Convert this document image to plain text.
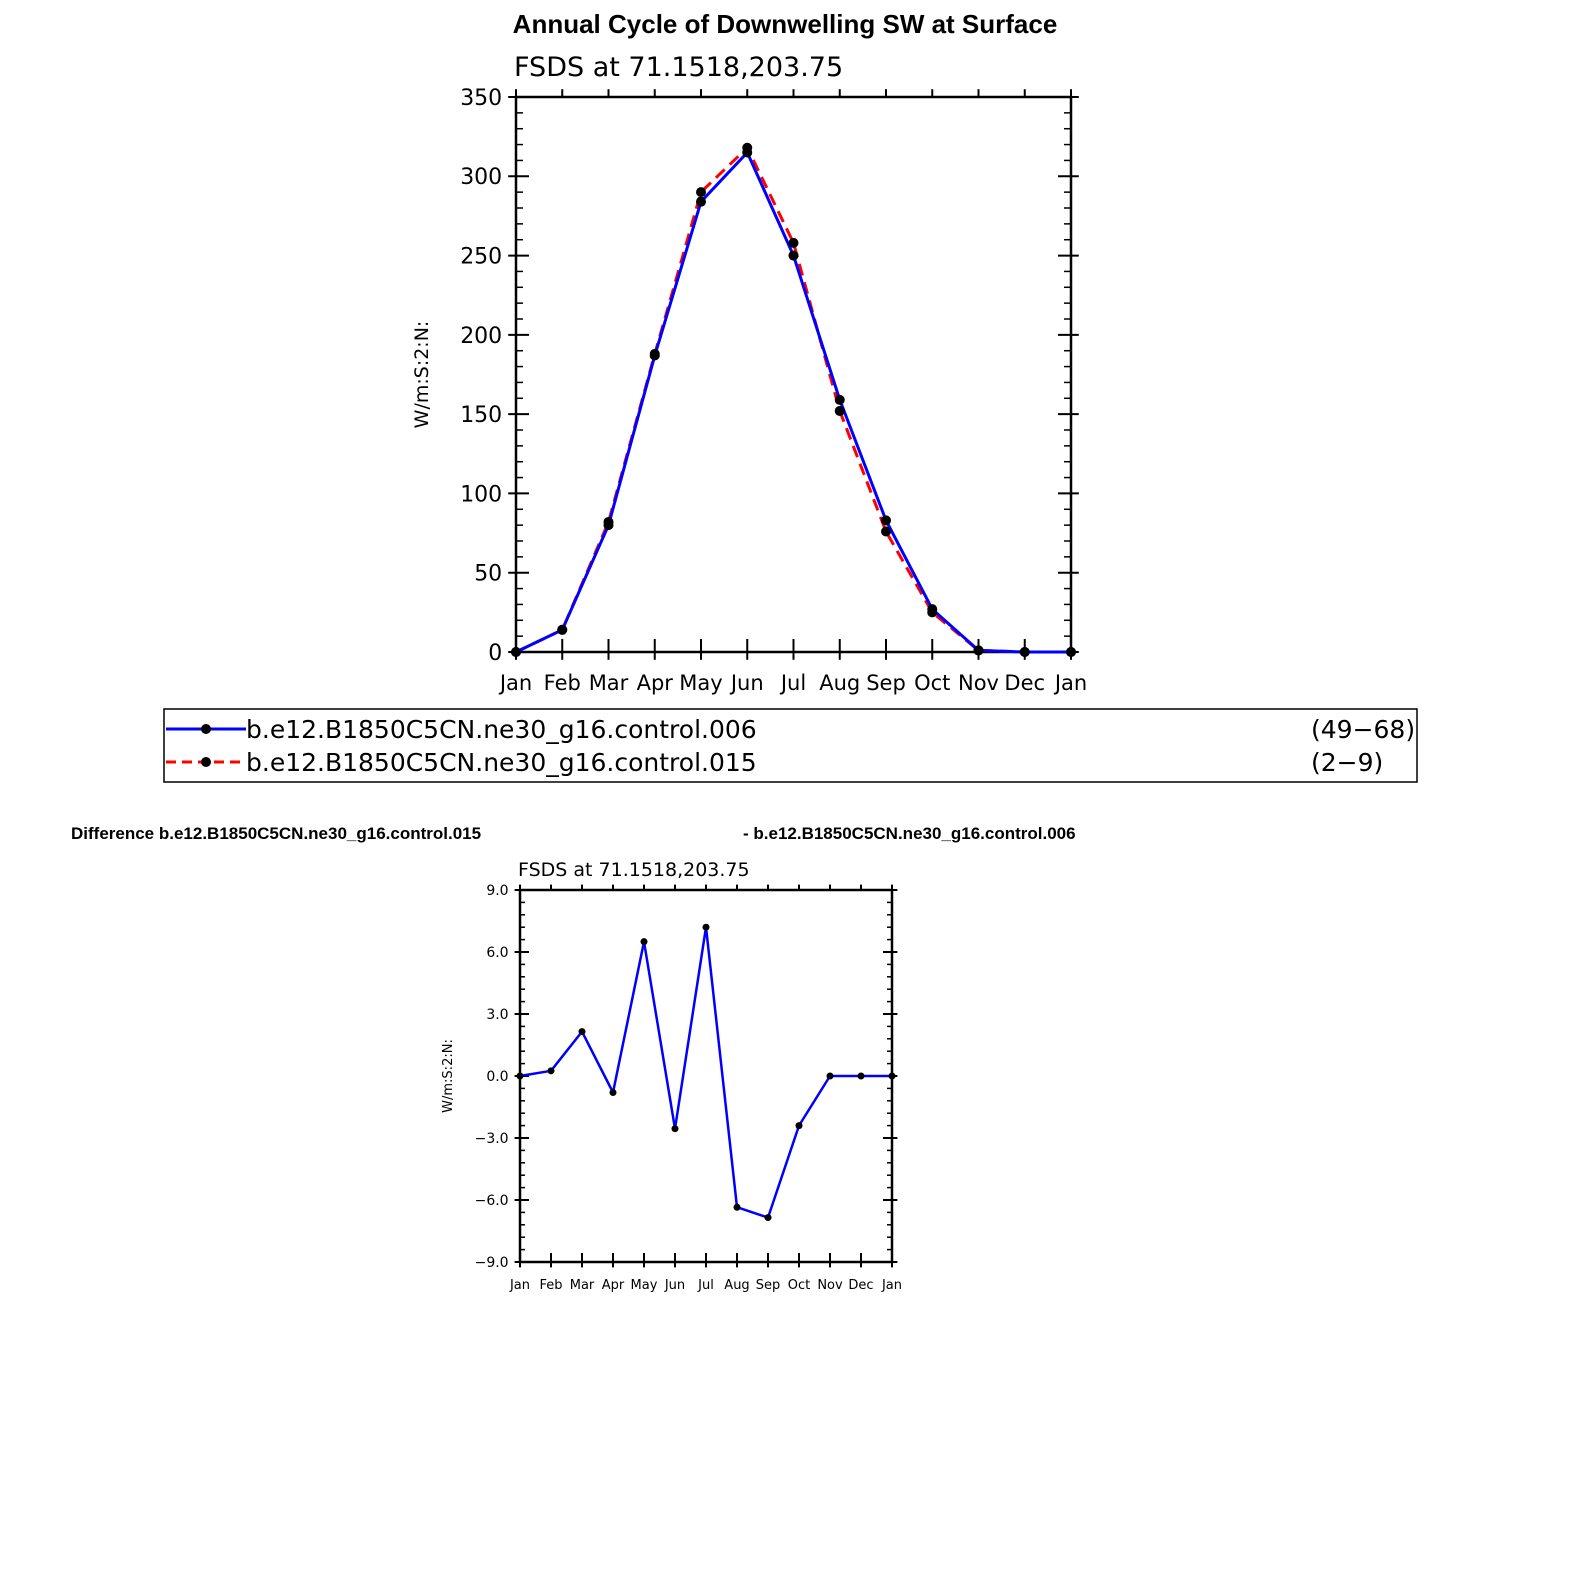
Annual Cycle of Downwelling SW at Surface
Jan Feb Mar Apr May Jun Jul Aug Sep Oct Nov Dec Jan
0
50
100
150
200
250
300
350
FSDS at 71.1518,203.75
W/m:S:2:N:
b.e12.B1850C5CN.ne30_g16.control.006	(49−68)
b.e12.B1850C5CN.ne30_g16.control.015	(2−9)
Difference b.e12.B1850C5CN.ne30_g16.control.015	- b.e12.B1850C5CN.ne30_g16.control.006
Jan Feb Mar Apr May Jun Jul Aug Sep Oct Nov Dec Jan
−9.0
−6.0
−3.0
0.0
3.0
6.0
9.0
FSDS at 71.1518,203.75
W/m:S:2:N:
